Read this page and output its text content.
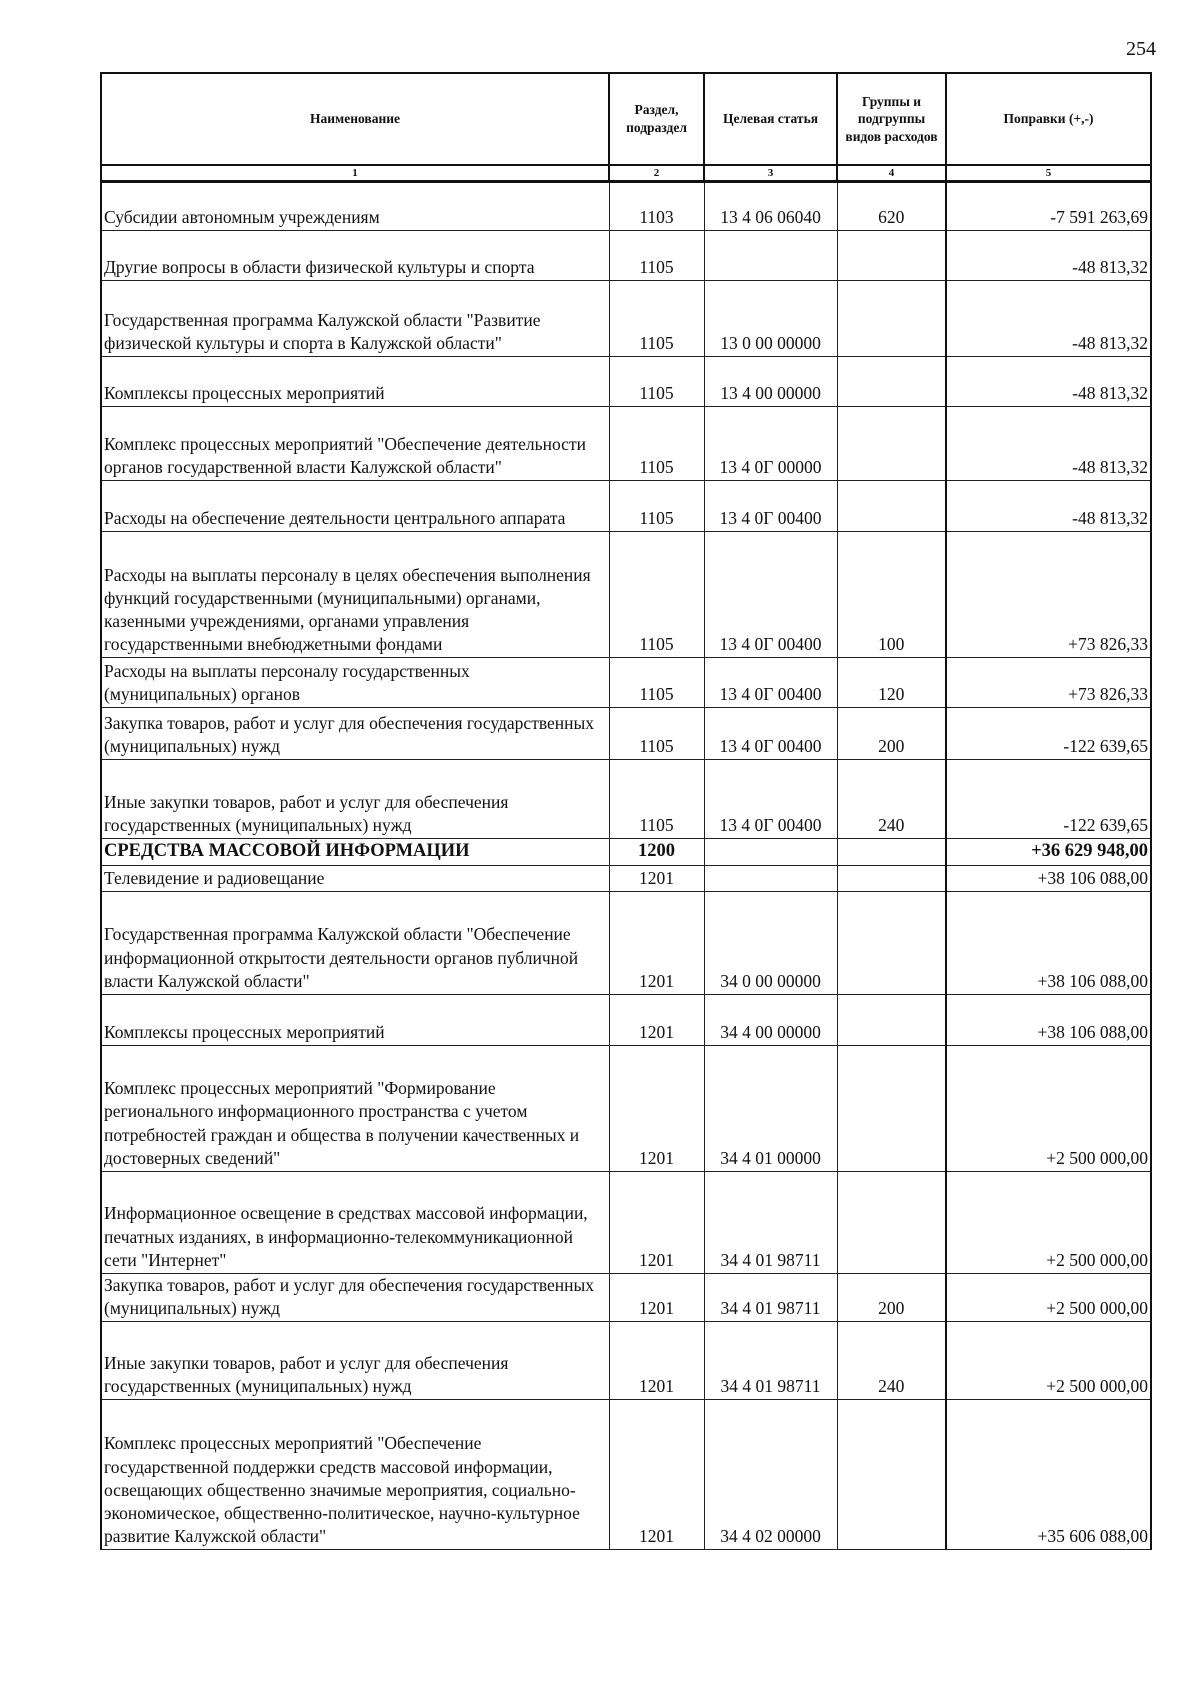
254
Наименование	Раздел, подраздел	Целевая статья	Группы и подгруппы видов расходов	Поправки (+,-)
1	2	3	4	5
Субсидии автономным учреждениям	1103	13 4 06 06040	620	-7 591 263,69
Другие вопросы в области физической культуры и спорта	1105			-48 813,32
Государственная программа Калужской области "Развитие физической культуры и спорта в Калужской области"	1105	13 0 00 00000		-48 813,32
Комплексы процессных мероприятий	1105	13 4 00 00000		-48 813,32
Комплекс процессных мероприятий "Обеспечение деятельности органов государственной власти Калужской области"	1105	13 4 0Г 00000		-48 813,32
Расходы на обеспечение деятельности центрального аппарата	1105	13 4 0Г 00400		-48 813,32
Расходы на выплаты персоналу в целях обеспечения выполнения функций государственными (муниципальными) органами, казенными учреждениями, органами управления государственными внебюджетными фондами	1105	13 4 0Г 00400	100	+73 826,33
Расходы на выплаты персоналу государственных (муниципальных) органов	1105	13 4 0Г 00400	120	+73 826,33
Закупка товаров, работ и услуг для обеспечения государственных (муниципальных) нужд	1105	13 4 0Г 00400	200	-122 639,65
Иные закупки товаров, работ и услуг для обеспечения государственных (муниципальных) нужд	1105	13 4 0Г 00400	240	-122 639,65
СРЕДСТВА МАССОВОЙ ИНФОРМАЦИИ	1200			+36 629 948,00
Телевидение и радиовещание	1201			+38 106 088,00
Государственная программа Калужской области "Обеспечение информационной открытости деятельности органов публичной власти Калужской области"	1201	34 0 00 00000		+38 106 088,00
Комплексы процессных мероприятий	1201	34 4 00 00000		+38 106 088,00
Комплекс процессных мероприятий "Формирование регионального информационного пространства с учетом потребностей граждан и общества в получении качественных и достоверных сведений"	1201	34 4 01 00000		+2 500 000,00
Информационное освещение в средствах массовой информации, печатных изданиях, в информационно-телекоммуникационной сети "Интернет"	1201	34 4 01 98711		+2 500 000,00
Закупка товаров, работ и услуг для обеспечения государственных (муниципальных) нужд	1201	34 4 01 98711	200	+2 500 000,00
Иные закупки товаров, работ и услуг для обеспечения государственных (муниципальных) нужд	1201	34 4 01 98711	240	+2 500 000,00
Комплекс процессных мероприятий "Обеспечение государственной поддержки средств массовой информации, освещающих общественно значимые мероприятия, социально-экономическое, общественно-политическое, научно-культурное развитие Калужской области"	1201	34 4 02 00000		+35 606 088,00
